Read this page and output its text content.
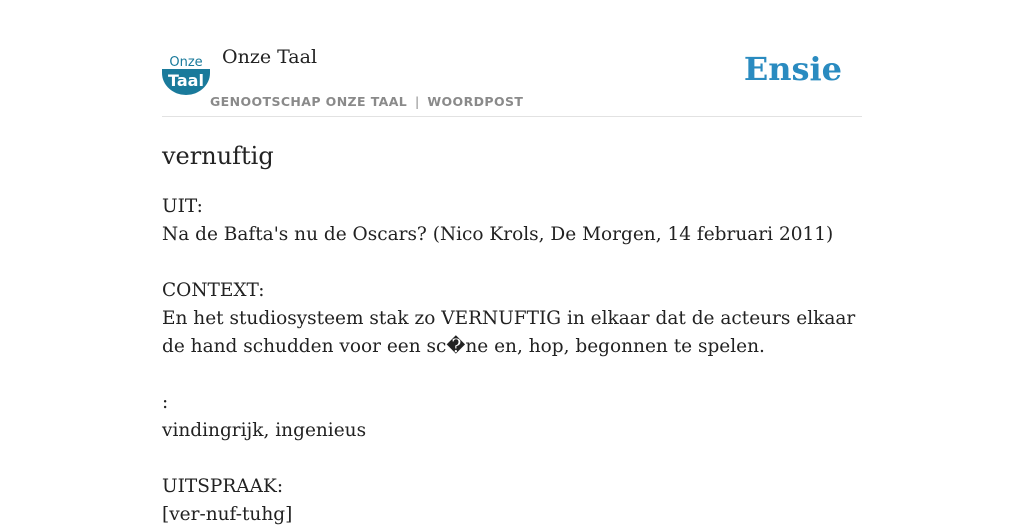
Onze
Taal
Onze Taal
GENOOTSCHAP ONZE TAAL | WOORDPOST
Ensie
vernuftig

UIT:

Na de Bafta's nu de Oscars? (Nico Krols, De Morgen, 14 februari 2011)

CONTEXT:

En het studiosysteem stak zo VERNUFTIG in elkaar dat de acteurs elkaar de hand schudden voor een sc�ne en, hop, begonnen te spelen.

:

vindingrijk, ingenieus

UITSPRAAK:

[ver-nuf-tuhg]
